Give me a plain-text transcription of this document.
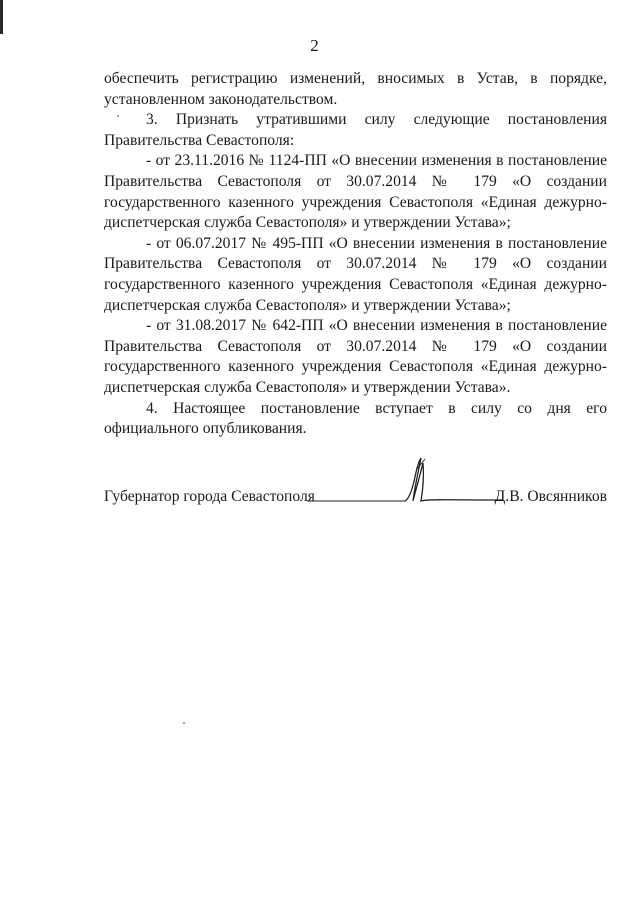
2

обеспечить регистрацию изменений, вносимых в Устав, в порядке, установленном законодательством.

3. Признать утратившими силу следующие постановления Правительства Севастополя:

- от 23.11.2016 № 1124-ПП «О внесении изменения в постановление Правительства Севастополя от 30.07.2014 № 179 «О создании государственного казенного учреждения Севастополя «Единая дежурно-диспетчерская служба Севастополя» и утверждении Устава»;

- от 06.07.2017 № 495-ПП «О внесении изменения в постановление Правительства Севастополя от 30.07.2014 № 179 «О создании государственного казенного учреждения Севастополя «Единая дежурно-диспетчерская служба Севастополя» и утверждении Устава»;

- от 31.08.2017 № 642-ПП «О внесении изменения в постановление Правительства Севастополя от 30.07.2014 № 179 «О создании государственного казенного учреждения Севастополя «Единая дежурно-диспетчерская служба Севастополя» и утверждении Устава».

4. Настоящее постановление вступает в силу со дня его официального опубликования.

Губернатор города Севастополя	Д.В. Овсянников
